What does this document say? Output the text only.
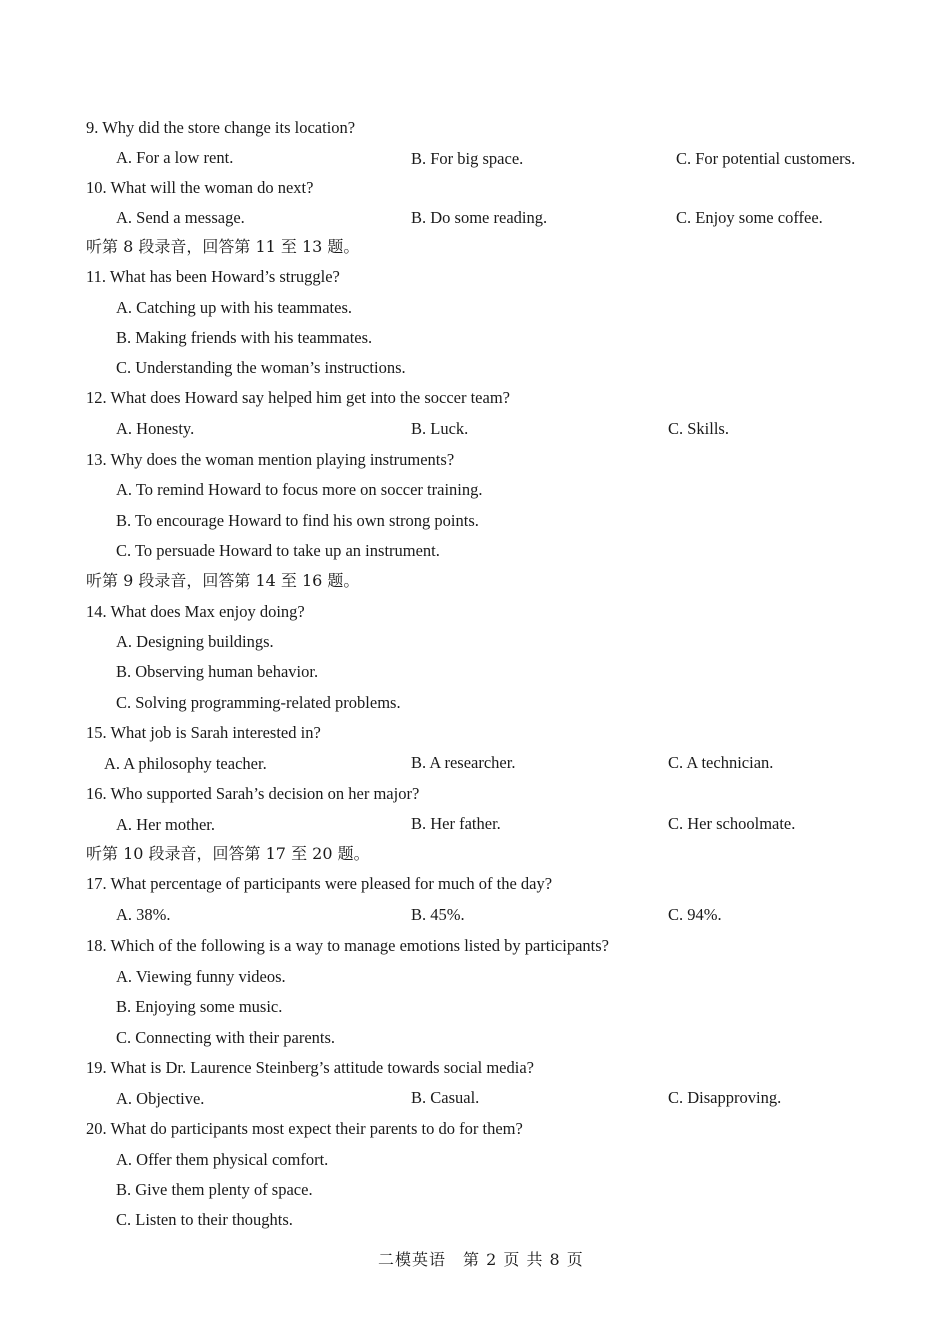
9. Why did the store change its location?
A. For a low rent.	B. For big space.	C. For potential customers.
10. What will the woman do next?
A. Send a message.	B. Do some reading.	C. Enjoy some coffee.
听第 8 段录音，回答第 11 至 13 题。
11. What has been Howard’s struggle?
A. Catching up with his teammates.
B. Making friends with his teammates.
C. Understanding the woman’s instructions.
12. What does Howard say helped him get into the soccer team?
A. Honesty.	B. Luck.	C. Skills.
13. Why does the woman mention playing instruments?
A. To remind Howard to focus more on soccer training.
B. To encourage Howard to find his own strong points.
C. To persuade Howard to take up an instrument.
听第 9 段录音，回答第 14 至 16 题。
14. What does Max enjoy doing?
A. Designing buildings.
B. Observing human behavior.
C. Solving programming-related problems.
15. What job is Sarah interested in?
A. A philosophy teacher.	B. A researcher.	C. A technician.
16. Who supported Sarah’s decision on her major?
A. Her mother.	B. Her father.	C. Her schoolmate.
听第 10 段录音，回答第 17 至 20 题。
17. What percentage of participants were pleased for much of the day?
A. 38%.	B. 45%.	C. 94%.
18. Which of the following is a way to manage emotions listed by participants?
A. Viewing funny videos.
B. Enjoying some music.
C. Connecting with their parents.
19. What is Dr. Laurence Steinberg’s attitude towards social media?
A. Objective.	B. Casual.	C. Disapproving.
20. What do participants most expect their parents to do for them?
A. Offer them physical comfort.
B. Give them plenty of space.
C. Listen to their thoughts.
二模英语　第 2 页 共 8 页
